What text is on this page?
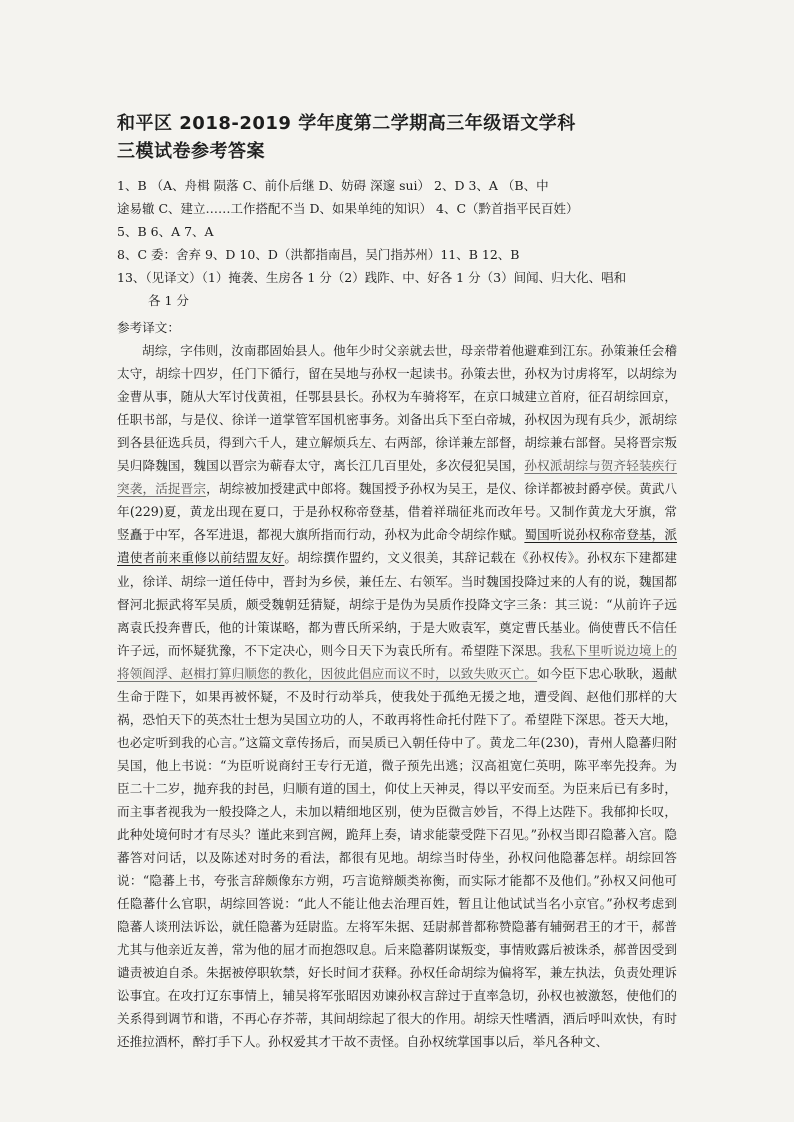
和平区 2018-2019 学年度第二学期高三年级语文学科
三模试卷参考答案
1、B （A、舟楫 陨落 C、前仆后继 D、妨碍 深邃 sui） 2、D 3、A （B、中
途易辙 C、建立……工作搭配不当 D、如果单纯的知识） 4、C（黔首指平民百姓）
5、B 6、A 7、A
8、C 委：舍弃 9、D 10、D（洪都指南昌，吴门指苏州）11、B 12、B
13、（见译文）（1）掩袭、生房各 1 分（2）践阼、中、好各 1 分（3）间闻、归大化、唱和
各 1 分

参考译文：

胡综，字伟则，汝南郡固始县人。他年少时父亲就去世，母亲带着他避难到江东。孙策兼任会稽太守，胡综十四岁，任门下循行，留在吴地与孙权一起读书。孙策去世，孙权为讨虏将军，以胡综为金曹从事，随从大军讨伐黄祖，任鄂县县长。孙权为车骑将军，在京口城建立首府，征召胡综回京，任职书部，与是仪、徐详一道掌管军国机密事务。刘备出兵下至白帝城，孙权因为现有兵少，派胡综到各县征选兵员，得到六千人，建立解烦兵左、右两部，徐详兼左部督，胡综兼右部督。吴将晋宗叛吴归降魏国，魏国以晋宗为蕲春太守，离长江几百里处，多次侵犯吴国，孙权派胡综与贺齐轻装疾行突袭，活捉晋宗，胡综被加授建武中郎将。魏国授予孙权为吴王，是仪、徐详都被封爵亭侯。黄武八年(229)夏，黄龙出现在夏口，于是孙权称帝登基，借着祥瑞征兆而改年号。又制作黄龙大牙旗，常竖矗于中军，各军进退，都视大旗所指而行动，孙权为此命令胡综作赋。蜀国听说孙权称帝登基，派遣使者前来重修以前结盟友好。胡综撰作盟约，文义很美，其辞记载在《孙权传》。孙权东下建都建业，徐详、胡综一道任侍中，晋封为乡侯，兼任左、右领军。当时魏国投降过来的人有的说，魏国都督河北振武将军吴质，颇受魏朝廷猜疑，胡综于是伪为吴质作投降文字三条：其三说：“从前许子远离袁氏投奔曹氏，他的计策谋略，都为曹氏所采纳，于是大败袁军，奠定曹氏基业。倘使曹氏不信任许子远，而怀疑犹豫，不下定决心，则今日天下为袁氏所有。希望陛下深思。我私下里听说边境上的将领阎浮、赵楫打算归顺您的教化，因彼此倡应而议不时，以致失败灭亡。如今臣下忠心耿耿，遏献生命于陛下，如果再被怀疑，不及时行动举兵，使我处于孤绝无援之地，遭受阎、赵他们那样的大祸，恐怕天下的英杰壮士想为吴国立功的人，不敢再将性命托付陛下了。希望陛下深思。苍天大地，也必定听到我的心言。”这篇文章传扬后，而吴质已入朝任侍中了。黄龙二年(230)，青州人隐蕃归附吴国，他上书说：“为臣听说商纣王专行无道，微子预先出逃；汉高祖宽仁英明，陈平率先投奔。为臣二十二岁，抛弃我的封邑，归顺有道的国土，仰仗上天神灵，得以平安而至。为臣来后已有多时，而主事者视我为一般投降之人，未加以精细地区别，使为臣微言妙旨，不得上达陛下。我郁抑长叹，此种处境何时才有尽头？谨此来到宫阙，跪拜上奏，请求能蒙受陛下召见。”孙权当即召隐蕃入宫。隐蕃答对问话，以及陈述对时务的看法，都很有见地。胡综当时侍坐，孙权问他隐蕃怎样。胡综回答说：“隐蕃上书，夸张言辞颇像东方朔，巧言诡辩颇类祢衡，而实际才能都不及他们。”孙权又问他可任隐蕃什么官职，胡综回答说：“此人不能让他去治理百姓，暂且让他试试当名小京官。”孙权考虑到隐蕃人谈刑法诉讼，就任隐蕃为廷尉监。左将军朱据、廷尉郝普都称赞隐蕃有辅弼君王的才干，郝普尤其与他亲近友善，常为他的屈才而抱怨叹息。后来隐蕃阴谋叛变，事情败露后被诛杀，郝普因受到谴责被迫自杀。朱据被停职软禁，好长时间才获释。孙权任命胡综为偏将军，兼左执法，负责处理诉讼事宜。在攻打辽东事情上，辅吴将军张昭因劝谏孙权言辞过于直率急切，孙权也被激怒，使他们的关系得到调节和谐，不再心存芥蒂，其间胡综起了很大的作用。胡综天性嗜酒，酒后呼叫欢快，有时还推拉酒杯，醉打手下人。孙权爱其才干故不责怪。自孙权统掌国事以后，举凡各种文、
